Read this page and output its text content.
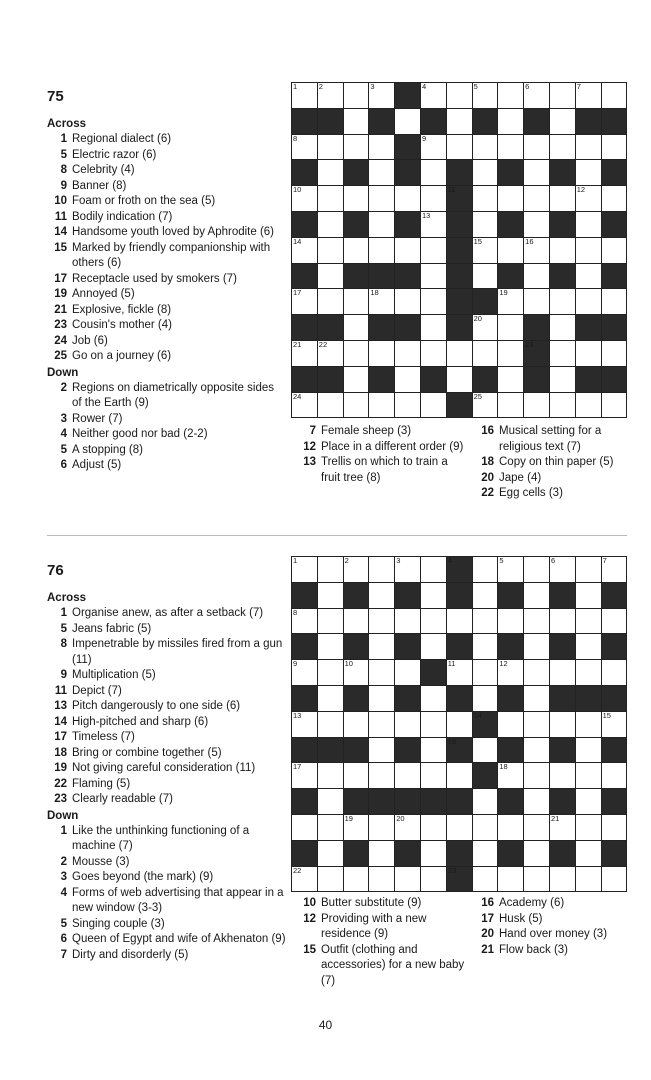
75
1	2	3	4	5	6	7
8	9
10	11	12
13
14	15	16
17	18	19
20
21 22	23
24	25
Across
1 Regional dialect (6)
5 Electric razor (6)
8 Celebrity (4)
9 Banner (8)
10 Foam or froth on the sea (5)
11 Bodily indication (7)
14 Handsome youth loved by Aphrodite (6)
15 Marked by friendly companionship with others (6)
17 Receptacle used by smokers (7)
19 Annoyed (5)
21 Explosive, fickle (8)
23 Cousin's mother (4)
24 Job (6)
25 Go on a journey (6)
Down
2 Regions on diametrically opposite sides of the Earth (9)
3 Rower (7)
4 Neither good nor bad (2-2)
5 A stopping (8)
6 Adjust (5)
7 Female sheep (3)
12 Place in a different order (9)
13 Trellis on which to train a fruit tree (8)
16 Musical setting for a religious text (7)
18 Copy on thin paper (5)
20 Jape (4)
22 Egg cells (3)
76
1	2	3	4	5	6	7
8
9	10	11	12
13	14	15
16
17	18
19	20	21
22	23
Across
1 Organise anew, as after a setback (7)
5 Jeans fabric (5)
8 Impenetrable by missiles fired from a gun (11)
9 Multiplication (5)
11 Depict (7)
13 Pitch dangerously to one side (6)
14 High-pitched and sharp (6)
17 Timeless (7)
18 Bring or combine together (5)
19 Not giving careful consideration (11)
22 Flaming (5)
23 Clearly readable (7)
Down
1 Like the unthinking functioning of a machine (7)
2 Mousse (3)
3 Goes beyond (the mark) (9)
4 Forms of web advertising that appear in a new window (3-3)
5 Singing couple (3)
6 Queen of Egypt and wife of Akhenaton (9)
7 Dirty and disorderly (5)
10 Butter substitute (9)
12 Providing with a new residence (9)
15 Outfit (clothing and accessories) for a new baby (7)
16 Academy (6)
17 Husk (5)
20 Hand over money (3)
21 Flow back (3)
40
